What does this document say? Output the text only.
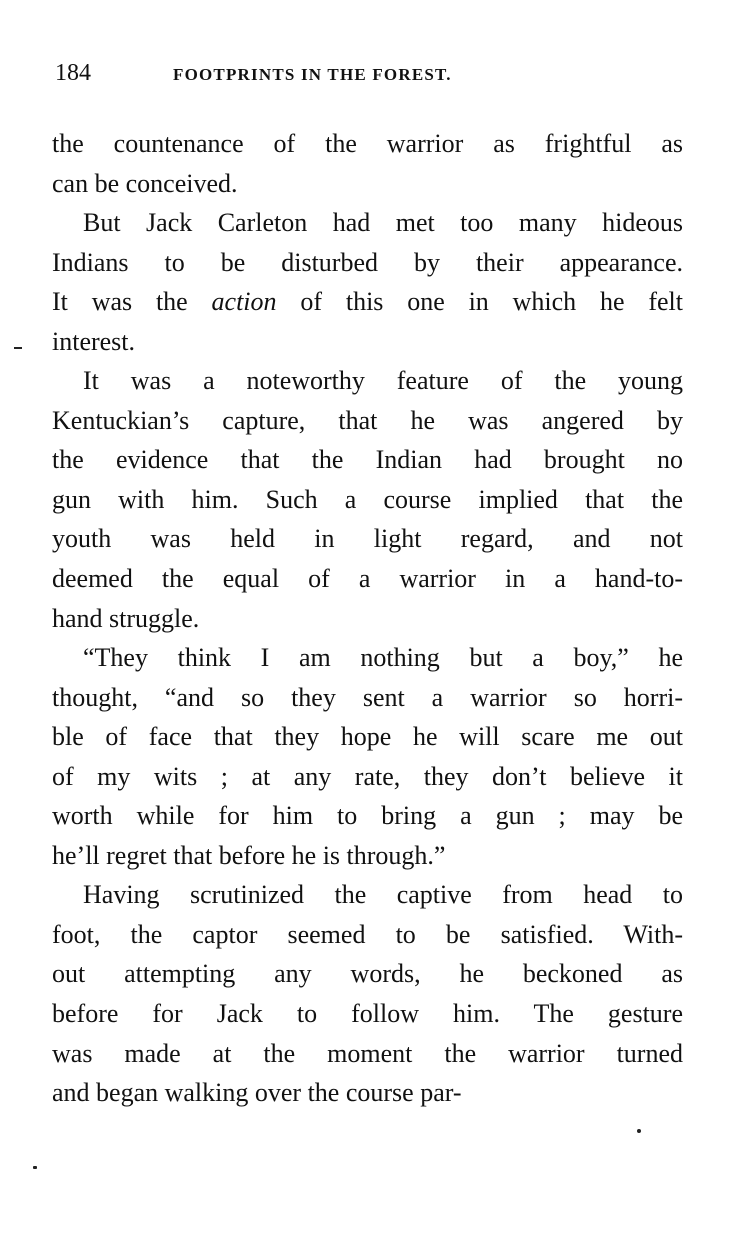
184	FOOTPRINTS IN THE FOREST.
the countenance of the warrior as frightful as
can be conceived.
But Jack Carleton had met too many hideous
Indians to be disturbed by their appearance.
It was the action of this one in which he felt
interest.
It was a noteworthy feature of the young
Kentuckian’s capture, that he was angered by
the evidence that the Indian had brought no
gun with him. Such a course implied that the
youth was held in light regard, and not
deemed the equal of a warrior in a hand-to-
hand struggle.
“They think I am nothing but a boy,” he
thought, “and so they sent a warrior so horri-
ble of face that they hope he will scare me out
of my wits ; at any rate, they don’t believe it
worth while for him to bring a gun ; may be
he’ll regret that before he is through.”
Having scrutinized the captive from head to
foot, the captor seemed to be satisfied. With-
out attempting any words, he beckoned as
before for Jack to follow him. The gesture
was made at the moment the warrior turned
and began walking over the course par-
